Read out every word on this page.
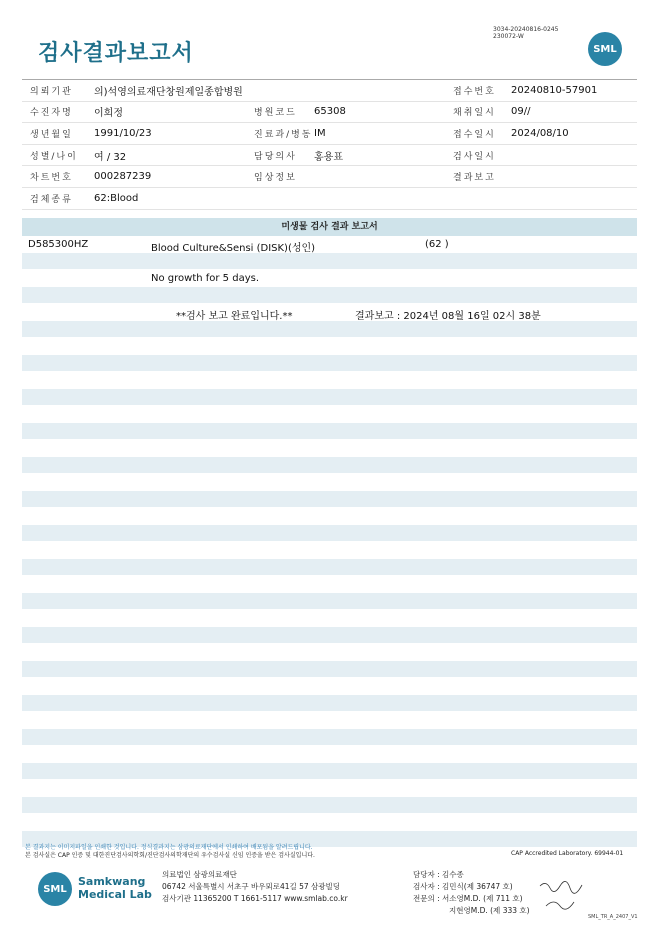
검사결과보고서
3034-20240816-0245
230072-W
SML
의뢰기관	의)석영의료재단창원제일종합병원	접수번호	20240810-57901
수진자명	이희정	병원코드	65308	채취일시	09//
생년월일	1991/10/23	진료과/병동 IM	접수일시	2024/08/10
성별/나이	여 / 32	담당의사	홍용표	검사일시
차트번호	000287239	임상정보	결과보고
검체종류	62:Blood
미생물 검사 결과 보고서
D585300HZ	Blood Culture&Sensi (DISK)(성인)	(62 )
No growth for 5 days.
**검사 보고 완료입니다.**	결과보고 : 2024년 08월 16일 02시 38분
본 결과지는 이미지파일을 인쇄한 것입니다. 정식결과지는 삼광의료재단에서 인쇄하여 배포됨을 알려드립니다.
본 검사실은 CAP 인증 및 대한진단검사의학회/진단검사의학재단의 우수검사실 신임 인증을 받은 검사실입니다.	CAP Accredited Laboratory. 69944-01
SML
Samkwang
Medical Lab
의료법인 삼광의료재단
06742 서울특별시 서초구 바우뫼로41길 57 삼광빌딩
검사기관 11365200 T 1661-5117 www.smlab.co.kr
담당자 : 김수종
검사자 : 김민식(제 36747 호)
전문의 : 서소영M.D. (제 711 호)
지현영M.D. (제 333 호)
SML_TR_A_2407_V1
